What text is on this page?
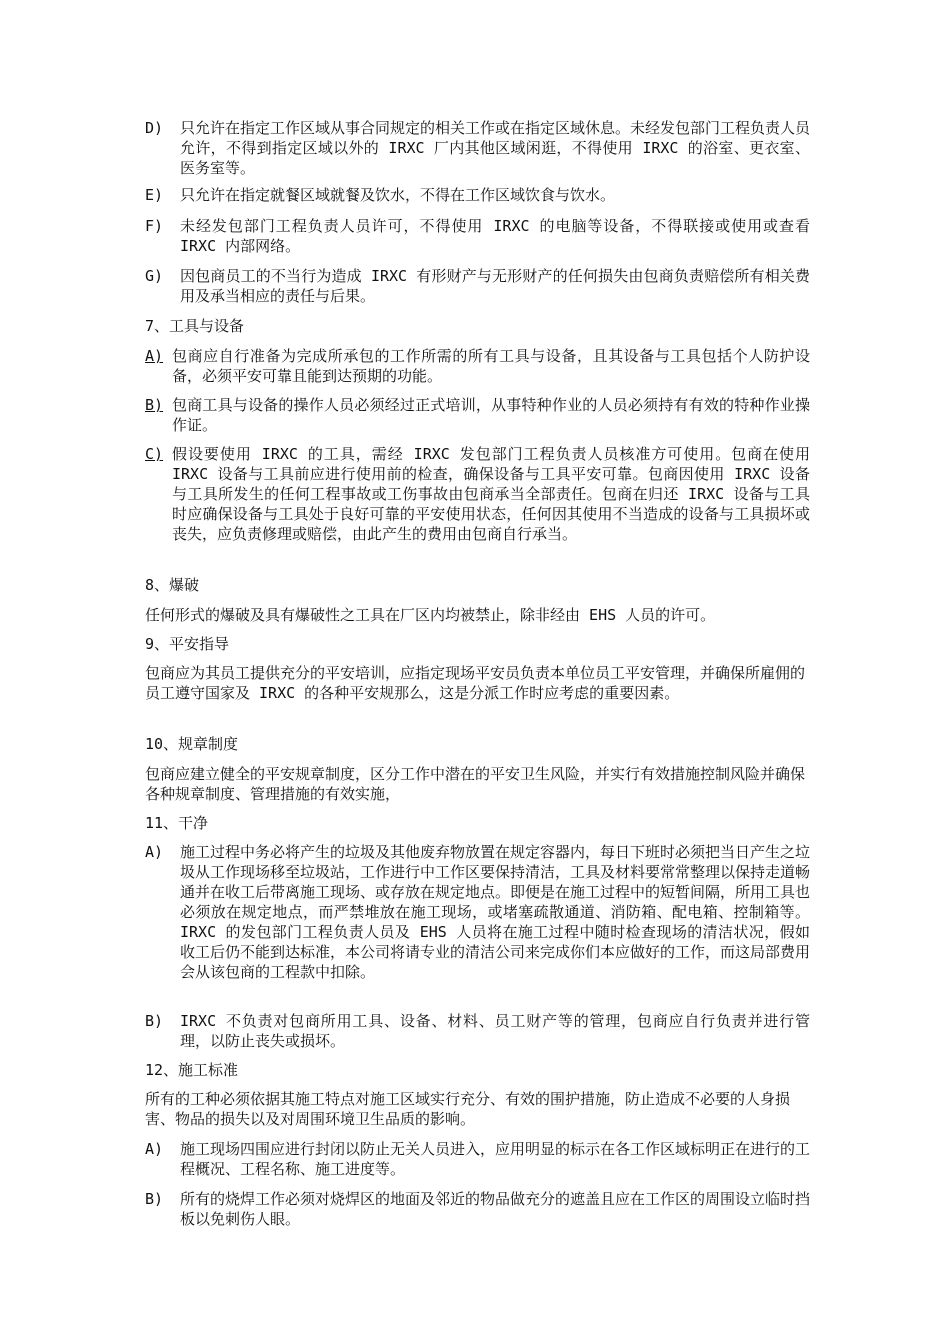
D)	只允许在指定工作区域从事合同规定的相关工作或在指定区域休息。未经发包部门工程负责人员允许，不得到指定区域以外的 IRXC 厂内其他区域闲逛，不得使用 IRXC 的浴室、更衣室、医务室等。
E)	只允许在指定就餐区域就餐及饮水，不得在工作区域饮食与饮水。
F)	未经发包部门工程负责人员许可，不得使用 IRXC 的电脑等设备，不得联接或使用或查看 IRXC 内部网络。
G)	因包商员工的不当行为造成 IRXC 有形财产与无形财产的任何损失由包商负责赔偿所有相关费用及承当相应的责任与后果。
7、工具与设备
A) 包商应自行准备为完成所承包的工作所需的所有工具与设备，且其设备与工具包括个人防护设备，必须平安可靠且能到达预期的功能。
B) 包商工具与设备的操作人员必须经过正式培训，从事特种作业的人员必须持有有效的特种作业操作证。
C) 假设要使用 IRXC 的工具，需经 IRXC 发包部门工程负责人员核准方可使用。包商在使用 IRXC 设备与工具前应进行使用前的检查，确保设备与工具平安可靠。包商因使用 IRXC 设备与工具所发生的任何工程事故或工伤事故由包商承当全部责任。包商在归还 IRXC 设备与工具时应确保设备与工具处于良好可靠的平安使用状态，任何因其使用不当造成的设备与工具损坏或丧失，应负责修理或赔偿，由此产生的费用由包商自行承当。
8、爆破
任何形式的爆破及具有爆破性之工具在厂区内均被禁止，除非经由 EHS 人员的许可。
9、平安指导
包商应为其员工提供充分的平安培训，应指定现场平安员负责本单位员工平安管理，并确保所雇佣的员工遵守国家及 IRXC 的各种平安规那么，这是分派工作时应考虑的重要因素。
10、规章制度
包商应建立健全的平安规章制度，区分工作中潜在的平安卫生风险，并实行有效措施控制风险并确保各种规章制度、管理措施的有效实施，
11、干净
A)	施工过程中务必将产生的垃圾及其他废弃物放置在规定容器内，每日下班时必须把当日产生之垃圾从工作现场移至垃圾站，工作进行中工作区要保持清洁，工具及材料要常常整理以保持走道畅通并在收工后带离施工现场、或存放在规定地点。即便是在施工过程中的短暂间隔，所用工具也必须放在规定地点，而严禁堆放在施工现场，或堵塞疏散通道、消防箱、配电箱、控制箱等。IRXC 的发包部门工程负责人员及 EHS 人员将在施工过程中随时检查现场的清洁状况，假如收工后仍不能到达标准，本公司将请专业的清洁公司来完成你们本应做好的工作，而这局部费用会从该包商的工程款中扣除。
B)	IRXC 不负责对包商所用工具、设备、材料、员工财产等的管理，包商应自行负责并进行管理，以防止丧失或损坏。
12、施工标准
所有的工种必须依据其施工特点对施工区域实行充分、有效的围护措施，防止造成不必要的人身损害、物品的损失以及对周围环境卫生品质的影响。
A)	施工现场四围应进行封闭以防止无关人员进入，应用明显的标示在各工作区域标明正在进行的工程概况、工程名称、施工进度等。
B)	所有的烧焊工作必须对烧焊区的地面及邻近的物品做充分的遮盖且应在工作区的周围设立临时挡板以免刺伤人眼。
